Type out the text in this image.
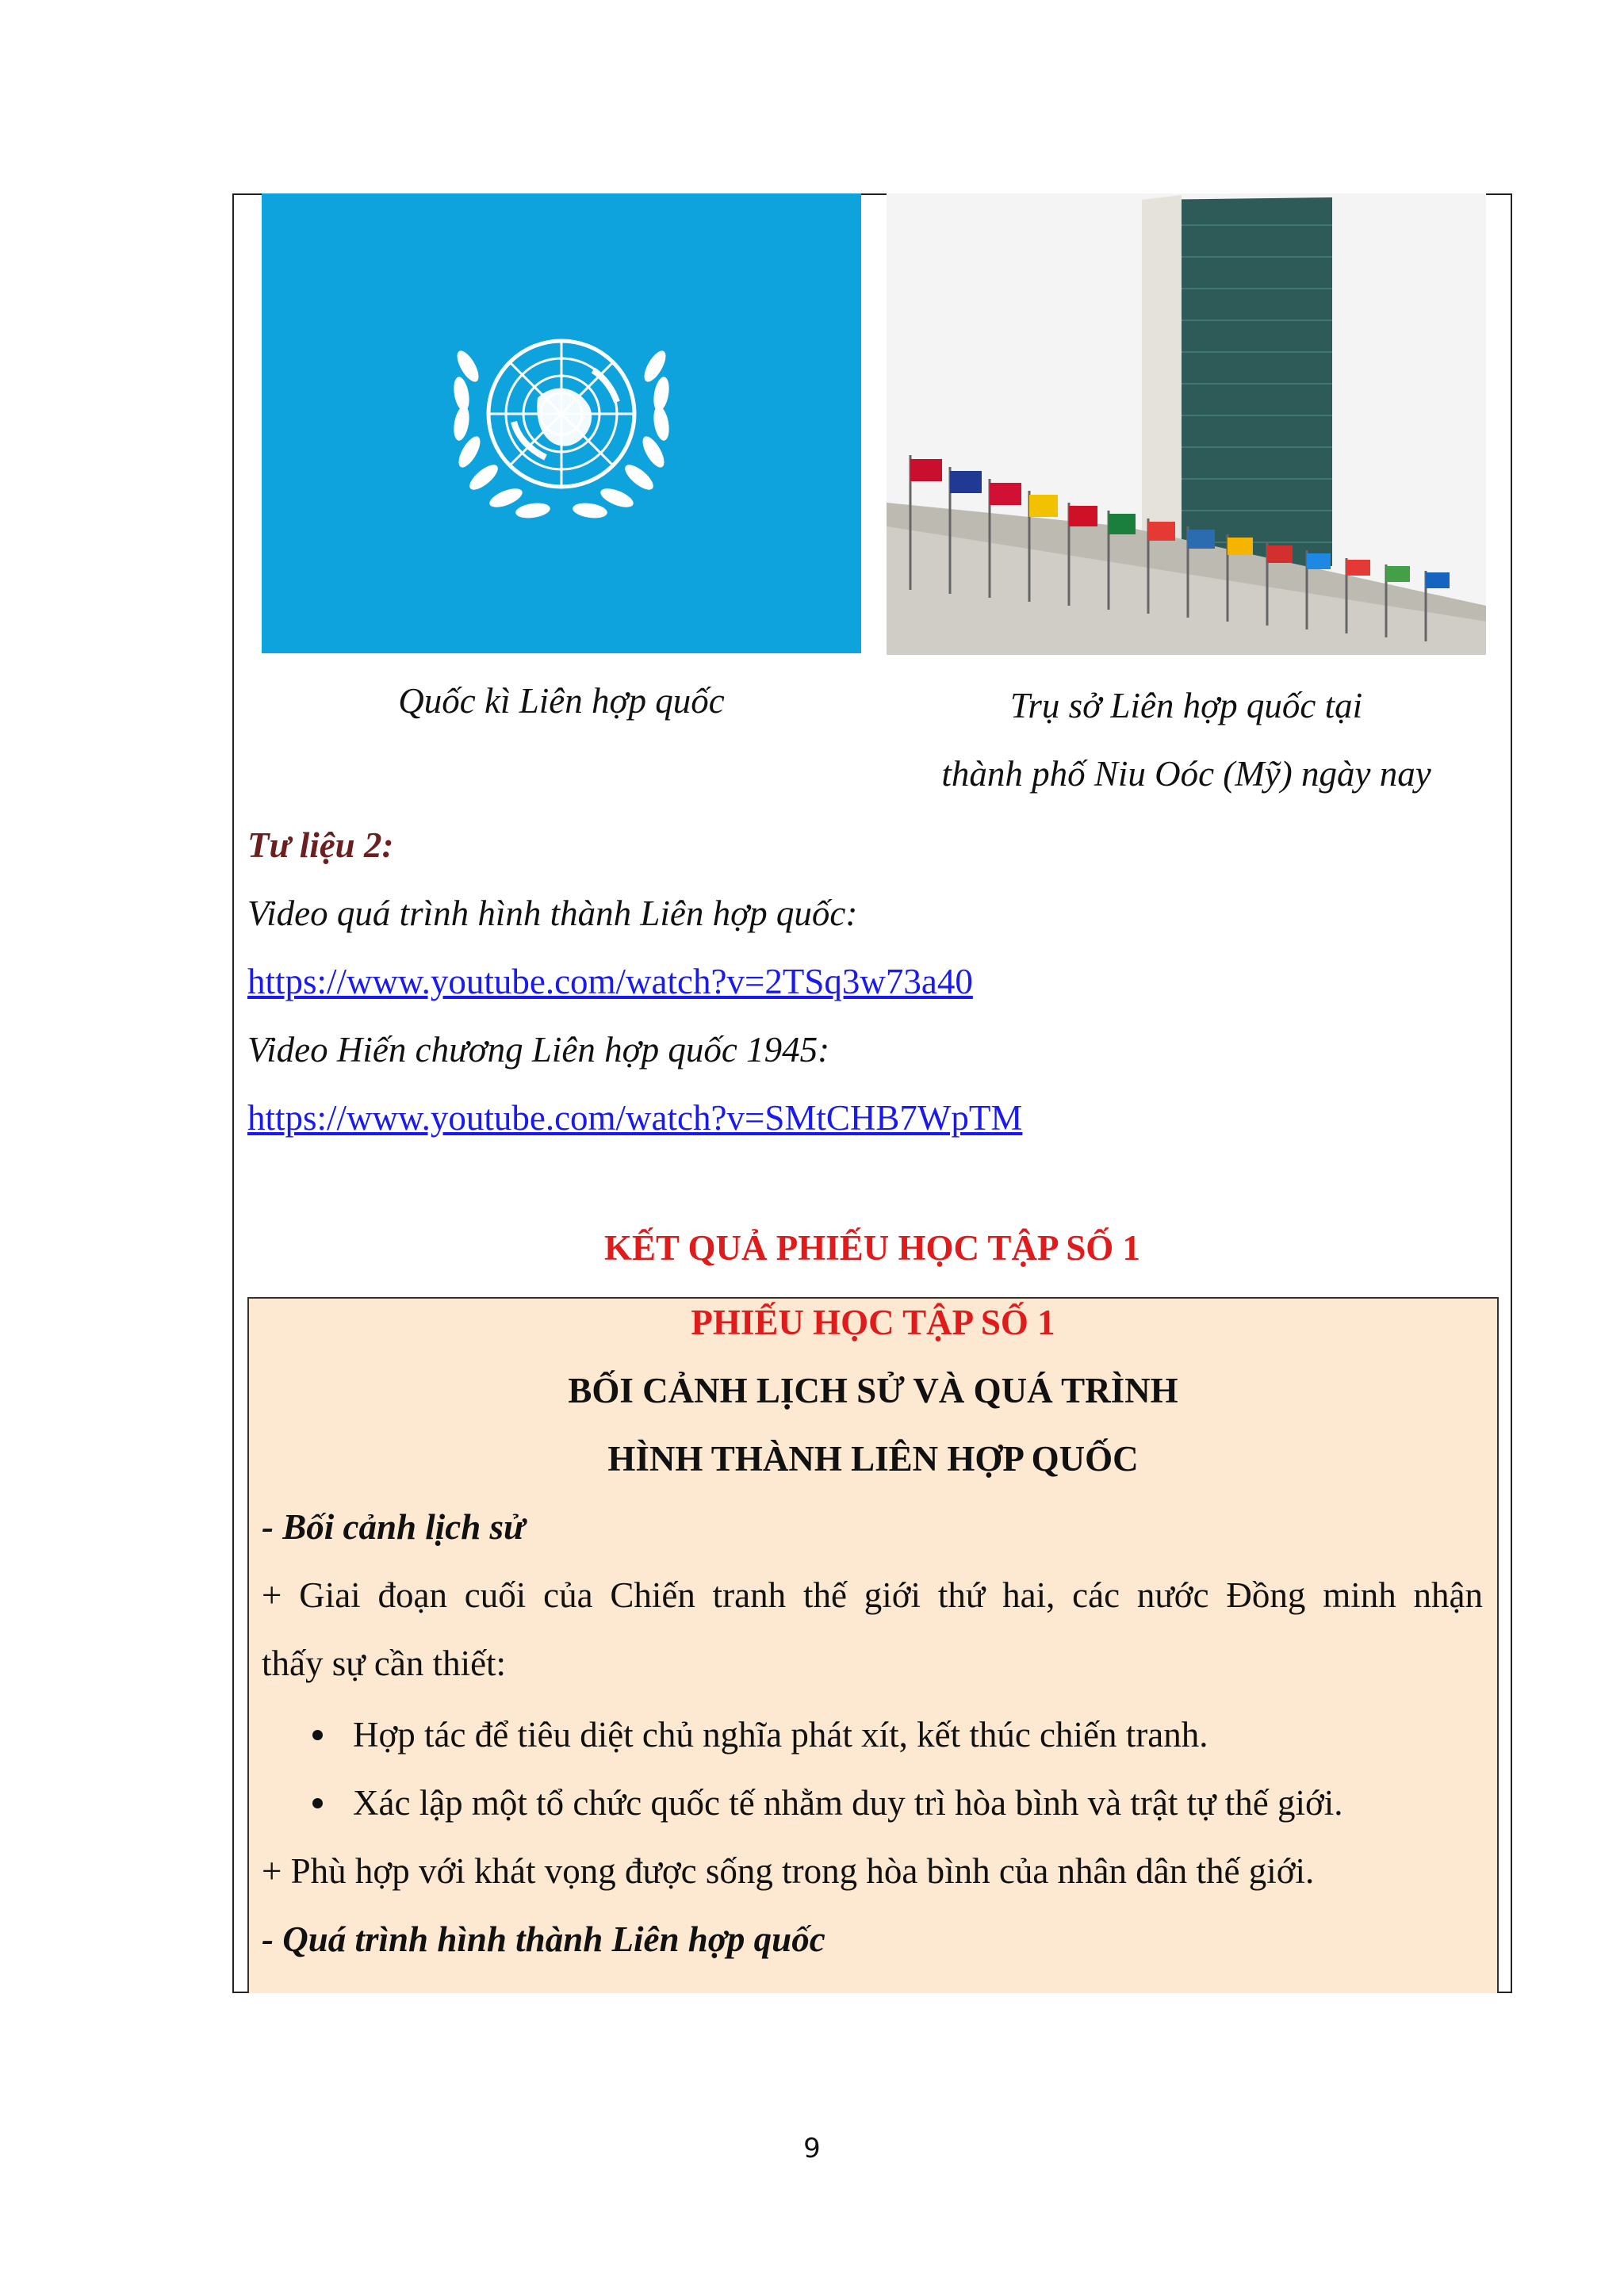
Quốc kì Liên hợp quốc	Trụ sở Liên hợp quốc tại
thành phố Niu Oóc (Mỹ) ngày nay
Tư liệu 2:
Video quá trình hình thành Liên hợp quốc:
https://www.youtube.com/watch?v=2TSq3w73a40
Video Hiến chương Liên hợp quốc 1945:
https://www.youtube.com/watch?v=SMtCHB7WpTM
KẾT QUẢ PHIẾU HỌC TẬP SỐ 1
PHIẾU HỌC TẬP SỐ 1
BỐI CẢNH LỊCH SỬ VÀ QUÁ TRÌNH
HÌNH THÀNH LIÊN HỢP QUỐC
- Bối cảnh lịch sử
+ Giai đoạn cuối của Chiến tranh thế giới thứ hai, các nước Đồng minh nhận
thấy sự cần thiết:
Hợp tác để tiêu diệt chủ nghĩa phát xít, kết thúc chiến tranh.
Xác lập một tổ chức quốc tế nhằm duy trì hòa bình và trật tự thế giới.
+ Phù hợp với khát vọng được sống trong hòa bình của nhân dân thế giới.
- Quá trình hình thành Liên hợp quốc
9
